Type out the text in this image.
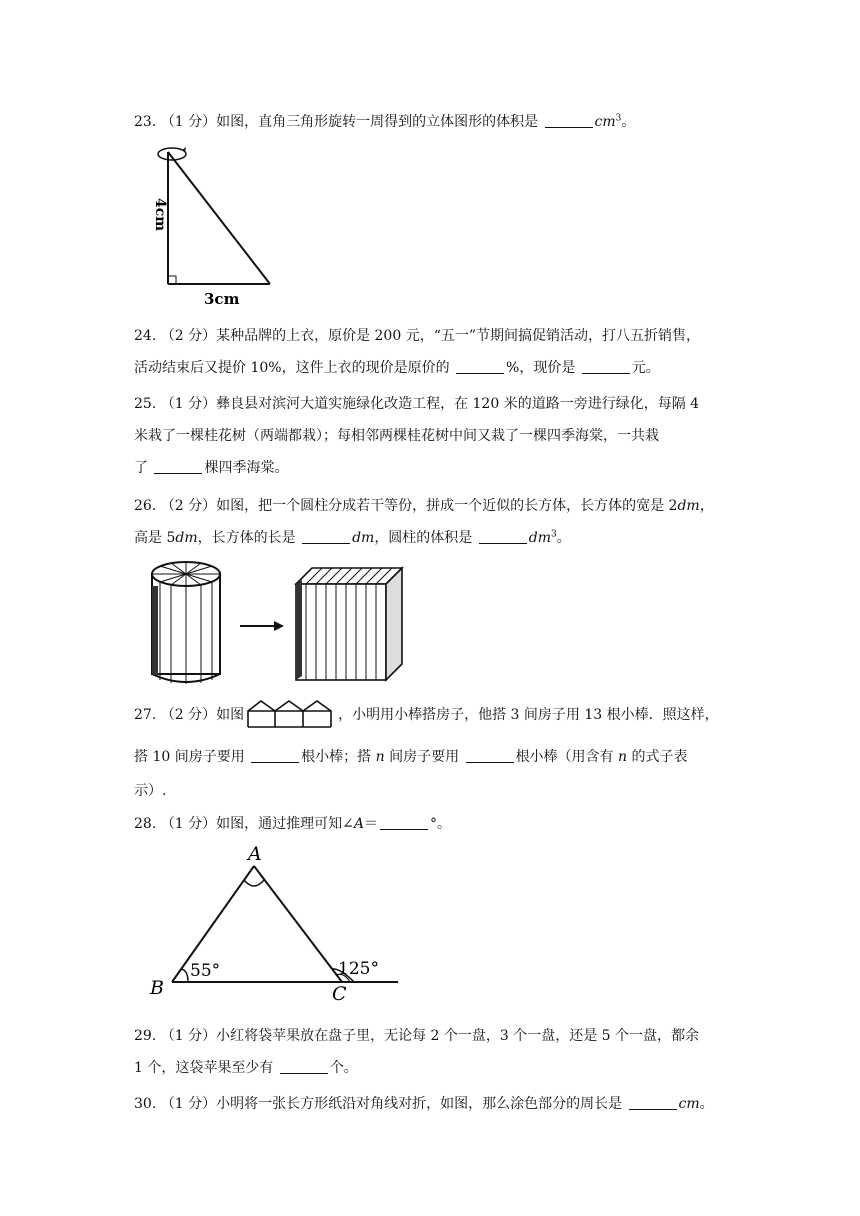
23. （1 分）如图，直角三角形旋转一周得到的立体图形的体积是	$cm^3$。

4cm
3cm

24. （2 分）某种品牌的上衣，原价是 200 元，“五一”节期间搞促销活动，打八五折销售，

活动结束后又提价 10%，这件上衣的现价是原价的	%，现价是	元。

25. （1 分）彝良县对滨河大道实施绿化改造工程，在 120 米的道路一旁进行绿化，每隔 4

米栽了一棵桂花树（两端都栽）；每相邻两棵桂花树中间又栽了一棵四季海棠，一共栽

了	棵四季海棠。

26. （2 分）如图，把一个圆柱分成若干等份，拼成一个近似的长方体，长方体的宽是 2dm，

高是 5dm，长方体的长是	dm，圆柱的体积是	$dm^3$。

27. （2 分）如图	，小明用小棒搭房子，他搭 3 间房子用 13 根小棒．照这样，

搭 10 间房子要用	根小棒；搭 n 间房子要用	根小棒（用含有 n 的式子表

示）.

28. （1 分）如图，通过推理可知∠A＝	°。

A
B	C
55°	125°

29. （1 分）小红将袋苹果放在盘子里，无论每 2 个一盘，3 个一盘，还是 5 个一盘，都余

1 个，这袋苹果至少有	个。

30. （1 分）小明将一张长方形纸沿对角线对折，如图，那么涂色部分的周长是	cm。
